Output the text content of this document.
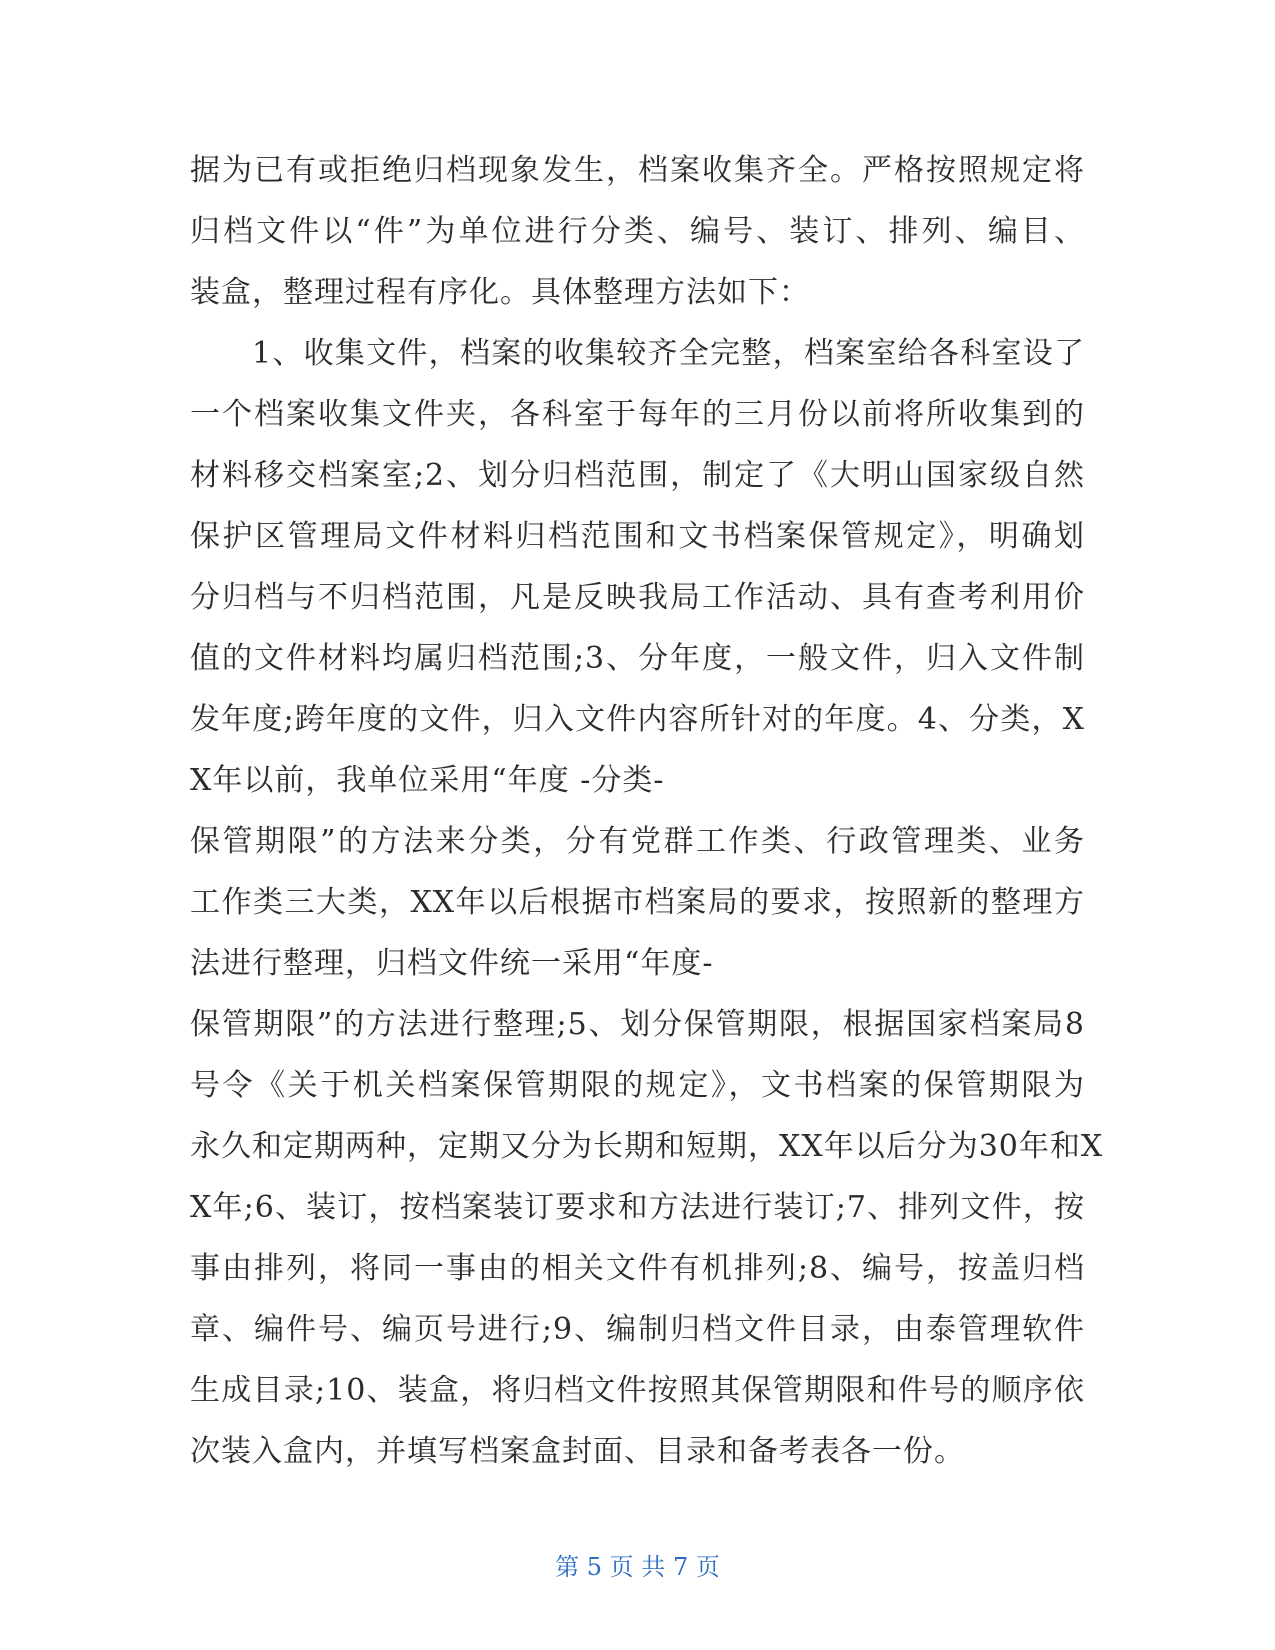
据为已有或拒绝归档现象发生，档案收集齐全。严格按照规定将
归档文件以“件”为单位进行分类、编号、装订、排列、编目、
装盒，整理过程有序化。具体整理方法如下：
1、收集文件，档案的收集较齐全完整，档案室给各科室设了
一个档案收集文件夹，各科室于每年的三月份以前将所收集到的
材料移交档案室;2、划分归档范围，制定了《大明山国家级自然
保护区管理局文件材料归档范围和文书档案保管规定》，明确划
分归档与不归档范围，凡是反映我局工作活动、具有查考利用价
值的文件材料均属归档范围;3、分年度，一般文件，归入文件制
发年度;跨年度的文件，归入文件内容所针对的年度。4、分类，X
X年以前，我单位采用“年度 -分类-
保管期限”的方法来分类，分有党群工作类、行政管理类、业务
工作类三大类，XX年以后根据市档案局的要求，按照新的整理方
法进行整理，归档文件统一采用“年度-
保管期限”的方法进行整理;5、划分保管期限，根据国家档案局8
号令《关于机关档案保管期限的规定》，文书档案的保管期限为
永久和定期两种，定期又分为长期和短期，XX年以后分为30年和X
X年;6、装订，按档案装订要求和方法进行装订;7、排列文件，按
事由排列，将同一事由的相关文件有机排列;8、编号，按盖归档
章、编件号、编页号进行;9、编制归档文件目录，由泰管理软件
生成目录;10、装盒，将归档文件按照其保管期限和件号的顺序依
次装入盒内，并填写档案盒封面、目录和备考表各一份。
第 5 页 共 7 页
